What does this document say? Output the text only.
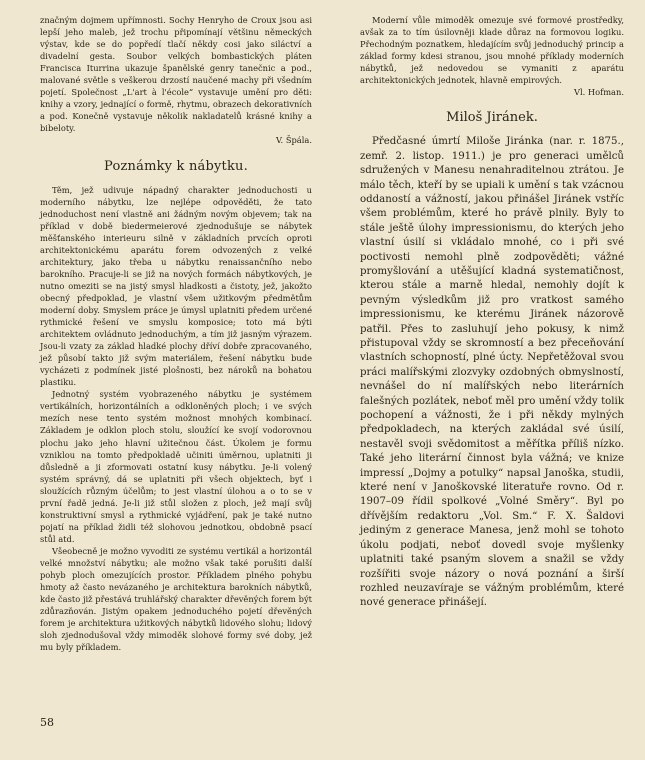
značným dojmem upřímnosti. Sochy Henryho de Croux jsou asi lepší jeho maleb, jež trochu připomínají většinu německých výstav, kde se do popředí tlačí někdy cosi jako siláctví a divadelní gesta. Soubor velkých bombastických pláten Francisca Iturrina ukazuje španělské genry tanečnic a pod., malované světle s veškerou drzostí naučené machy při všedním pojetí. Společnost „L'art à l'école“ vystavuje umění pro děti: knihy a vzory, jednající o formě, rhytmu, obrazech dekorativních a pod. Konečně vystavuje několik nakladatelů krásné knihy a bibeloty.

V. Špála.

Poznámky k nábytku.

Těm, jež udivuje nápadný charakter jednoduchosti u moderního nábytku, lze nejlépe odpověděti, že tato jednoduchost není vlastně ani žádným novým objevem; tak na příklad v době biedermeierové zjednodušuje se nábytek měšťanského interieuru silně v základních prvcích oproti architektonickému aparátu forem odvozených z velké architektury, jako třeba u nábytku renaissančního nebo barokního. Pracuje-li se již na nových formách nábytkových, je nutno omeziti se na jistý smysl hladkosti a čistoty, jež, jakožto obecný předpoklad, je vlastní všem užitkovým předmětům moderní doby. Smyslem práce je úmysl uplatniti předem určené rythmické řešení ve smyslu komposice; toto má býti architektem ovládnuto jednoduchým, a tím již jasným výrazem. Jsou-li vzaty za základ hladké plochy dříví dobře zpracovaného, jež působí takto již svým materiálem, řešení nábytku bude vycházeti z podmínek jisté plošnosti, bez nároků na bohatou plastiku.

Jednotný systém vyobrazeného nábytku je systémem vertikálních, horizontálních a odkloněných ploch; i ve svých mezích nese tento systém možnost mnohých kombinací. Základem je odklon ploch stolu, sloužící ke svojí vodorovnou plochu jako jeho hlavní užitečnou část. Úkolem je formu vzniklou na tomto předpokladě učiniti úměrnou, uplatniti ji důsledně a ji zformovati ostatní kusy nábytku. Je-li volený systém správný, dá se uplatniti při všech objektech, byť i sloužících různým účelům; to jest vlastní úlohou a o to se v první řadě jedná. Je-li již stůl složen z ploch, jež mají svůj konstruktivní smysl a rythmické vyjádření, pak je také nutno pojatí na příklad židli též slohovou jednotkou, obdobně psací stůl atd.

Všeobecně je možno vyvoditi ze systému vertikál a horizontál velké množství nábytku; ale možno však také porušiti další pohyb ploch omezujících prostor. Příkladem plného pohybu hmoty až často nevázaného je architektura barokních nábytků, kde často již přestává truhlářský charakter dřevěných forem být zdůrazňován. Jistým opakem jednoduchého pojetí dřevěných forem je architektura užitkových nábytků lidového slohu; lidový sloh zjednodušoval vždy mimoděk slohové formy své doby, jež mu byly příkladem.

Moderní vůle mimoděk omezuje své formové prostředky, avšak za to tím úsilovněji klade důraz na formovou logiku. Přechodným poznatkem, hledajícím svůj jednoduchý princip a základ formy kdesi stranou, jsou mnohé příklady moderních nábytků, jež nedovedou se vymaniti z aparátu architektonických jednotek, hlavně empirových.

Vl. Hofman.

Miloš Jiránek.

Předčasné úmrtí Miloše Jiránka (nar. r. 1875., zemř. 2. listop. 1911.) je pro generaci umělců sdružených v Manesu nenahraditelnou ztrátou. Je málo těch, kteří by se upiali k umění s tak vzácnou oddaností a vážností, jakou přinášel Jiránek vstříc všem problémům, které ho právě plnily. Byly to stále ještě úlohy impressionismu, do kterých jeho vlastní úsilí si vkládalo mnohé, co i při své poctivosti nemohl plně zodpověděti; vážné promyšlování a utěšující kladná systematičnost, kterou stále a marně hledal, nemohly dojít k pevným výsledkům již pro vratkost samého impressionismu, ke kterému Jiránek názorově patřil. Přes to zasluhují jeho pokusy, k nimž přistupoval vždy se skromností a bez přeceňování vlastních schopností, plné úcty. Nepřetěžoval svou práci malířskými zlozvyky ozdobných obmyslností, nevnášel do ní malířských nebo literárních falešných pozlátek, neboť měl pro umění vždy tolik pochopení a vážnosti, že i při někdy mylných předpokladech, na kterých zakládal své úsilí, nestavěl svoji svědomitost a měřítka příliš nízko. Také jeho literární činnost byla vážná; ve knize impressí „Dojmy a potulky“ napsal Janoška, studii, které není v Janoškovské literatuře rovno. Od r. 1907–09 řídil spolkové „Volné Směry“. Byl po dřívějším redaktoru „Vol. Sm.“ F. X. Šaldovi jediným z generace Manesa, jenž mohl se tohoto úkolu podjati, neboť dovedl svoje myšlenky uplatniti také psaným slovem a snažil se vždy rozšířiti svoje názory o nová poznání a širší rozhled neuzavíraje se vážným problémům, které nové generace přinášejí.

58
